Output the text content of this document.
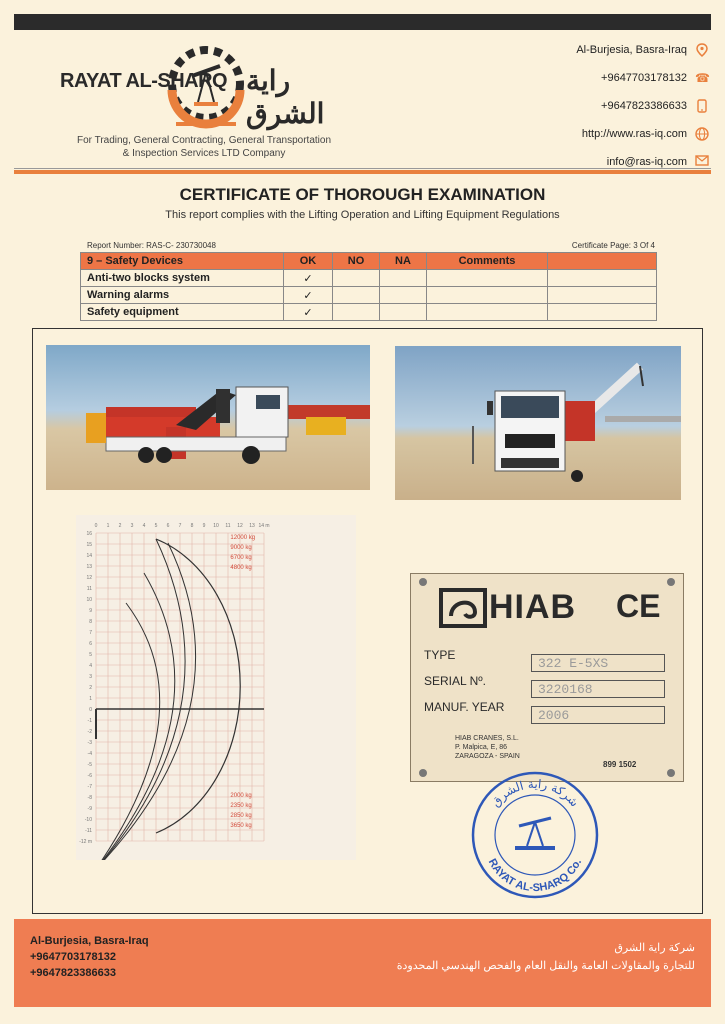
RAYAT AL-SHARQ راية الشرق
For Trading, General Contracting, General Transportation
& Inspection Services LTD Company
Al-Burjesia, Basra-Iraq
+9647703178132 ☎
+9647823386633
http://www.ras-iq.com
info@ras-iq.com
CERTIFICATE OF THOROUGH EXAMINATION
This report complies with the Lifting Operation and Lifting Equipment Regulations
Report Number: RAS-C- 230730048	Certificate Page: 3 Of 4
9 – Safety Devices	OK	NO	NA	Comments	
Anti-two blocks system	✓				
Warning alarms	✓				
Safety equipment	✓				
0 1 2 3 4 5 6 7 8 9 10 11 12 13 14 m
16
15
14
13
12
11
10
9
8
7
6
5
4
3
2
1
0
-1
-2
-3
-4
-5
-6
-7
-8
-9
-10
-11
-12 m
12000 kg
9000 kg
6700 kg
4800 kg
2000 kg
2350 kg
2850 kg
3650 kg
HIAB CE
TYPE
322 E-5XS
SERIAL Nº.
3220168
MANUF. YEAR
2006
HIAB CRANES, S.L.
P. Malpica, E, 86
ZARAGOZA - SPAIN
899 1502
شركة راية الشرق
RAYAT AL-SHARQ Co.
Al-Burjesia, Basra-Iraq
+9647703178132
+9647823386633
شركة راية الشرق
للتجارة والمقاولات العامة والنقل العام والفحص الهندسي المحدودة
